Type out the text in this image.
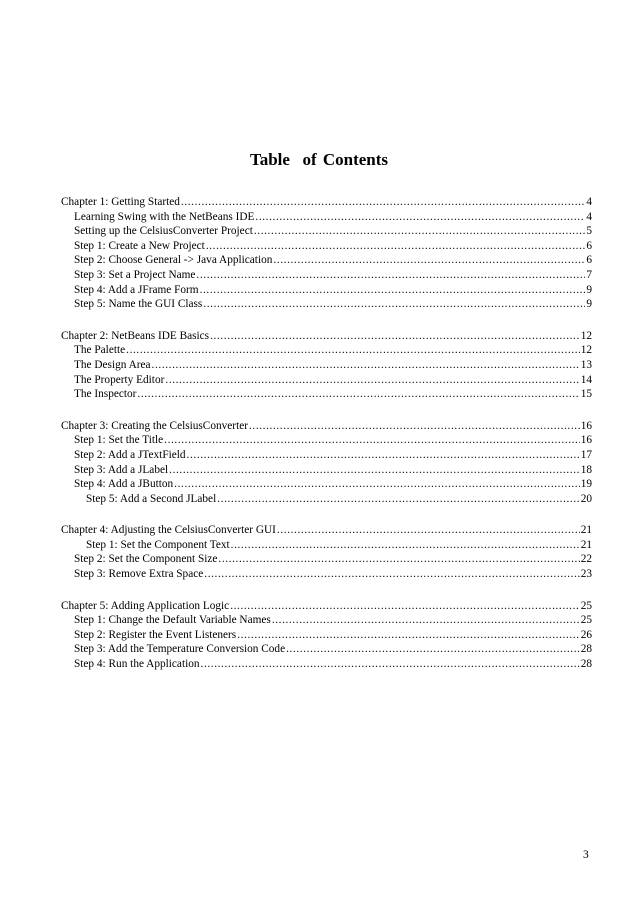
Table  of Contents
Chapter 1: Getting Started .....	4
Learning Swing with the NetBeans IDE .....	4
Setting up the CelsiusConverter Project .....	5
Step 1: Create a New Project .....	6
Step 2: Choose General -> Java Application .....	6
Step 3: Set a Project Name .....	7
Step 4: Add a JFrame Form .....	9
Step 5: Name the GUI Class .....	9
Chapter 2: NetBeans IDE Basics .....	12
The Palette .....	12
The Design Area .....	13
The Property Editor .....	14
The Inspector .....	15
Chapter 3: Creating the CelsiusConverter .....	16
Step 1: Set the Title .....	16
Step 2: Add a JTextField .....	17
Step 3: Add a JLabel .....	18
Step 4: Add a JButton .....	19
Step 5: Add a Second JLabel .....	20
Chapter 4: Adjusting the CelsiusConverter GUI .....	21
Step 1: Set the Component Text .....	21
Step 2: Set the Component Size .....	22
Step 3: Remove Extra Space .....	23
Chapter 5: Adding Application Logic .....	25
Step 1: Change the Default Variable Names .....	25
Step 2: Register the Event Listeners .....	26
Step 3: Add the Temperature Conversion Code .....	28
Step 4: Run the Application .....	28
3
